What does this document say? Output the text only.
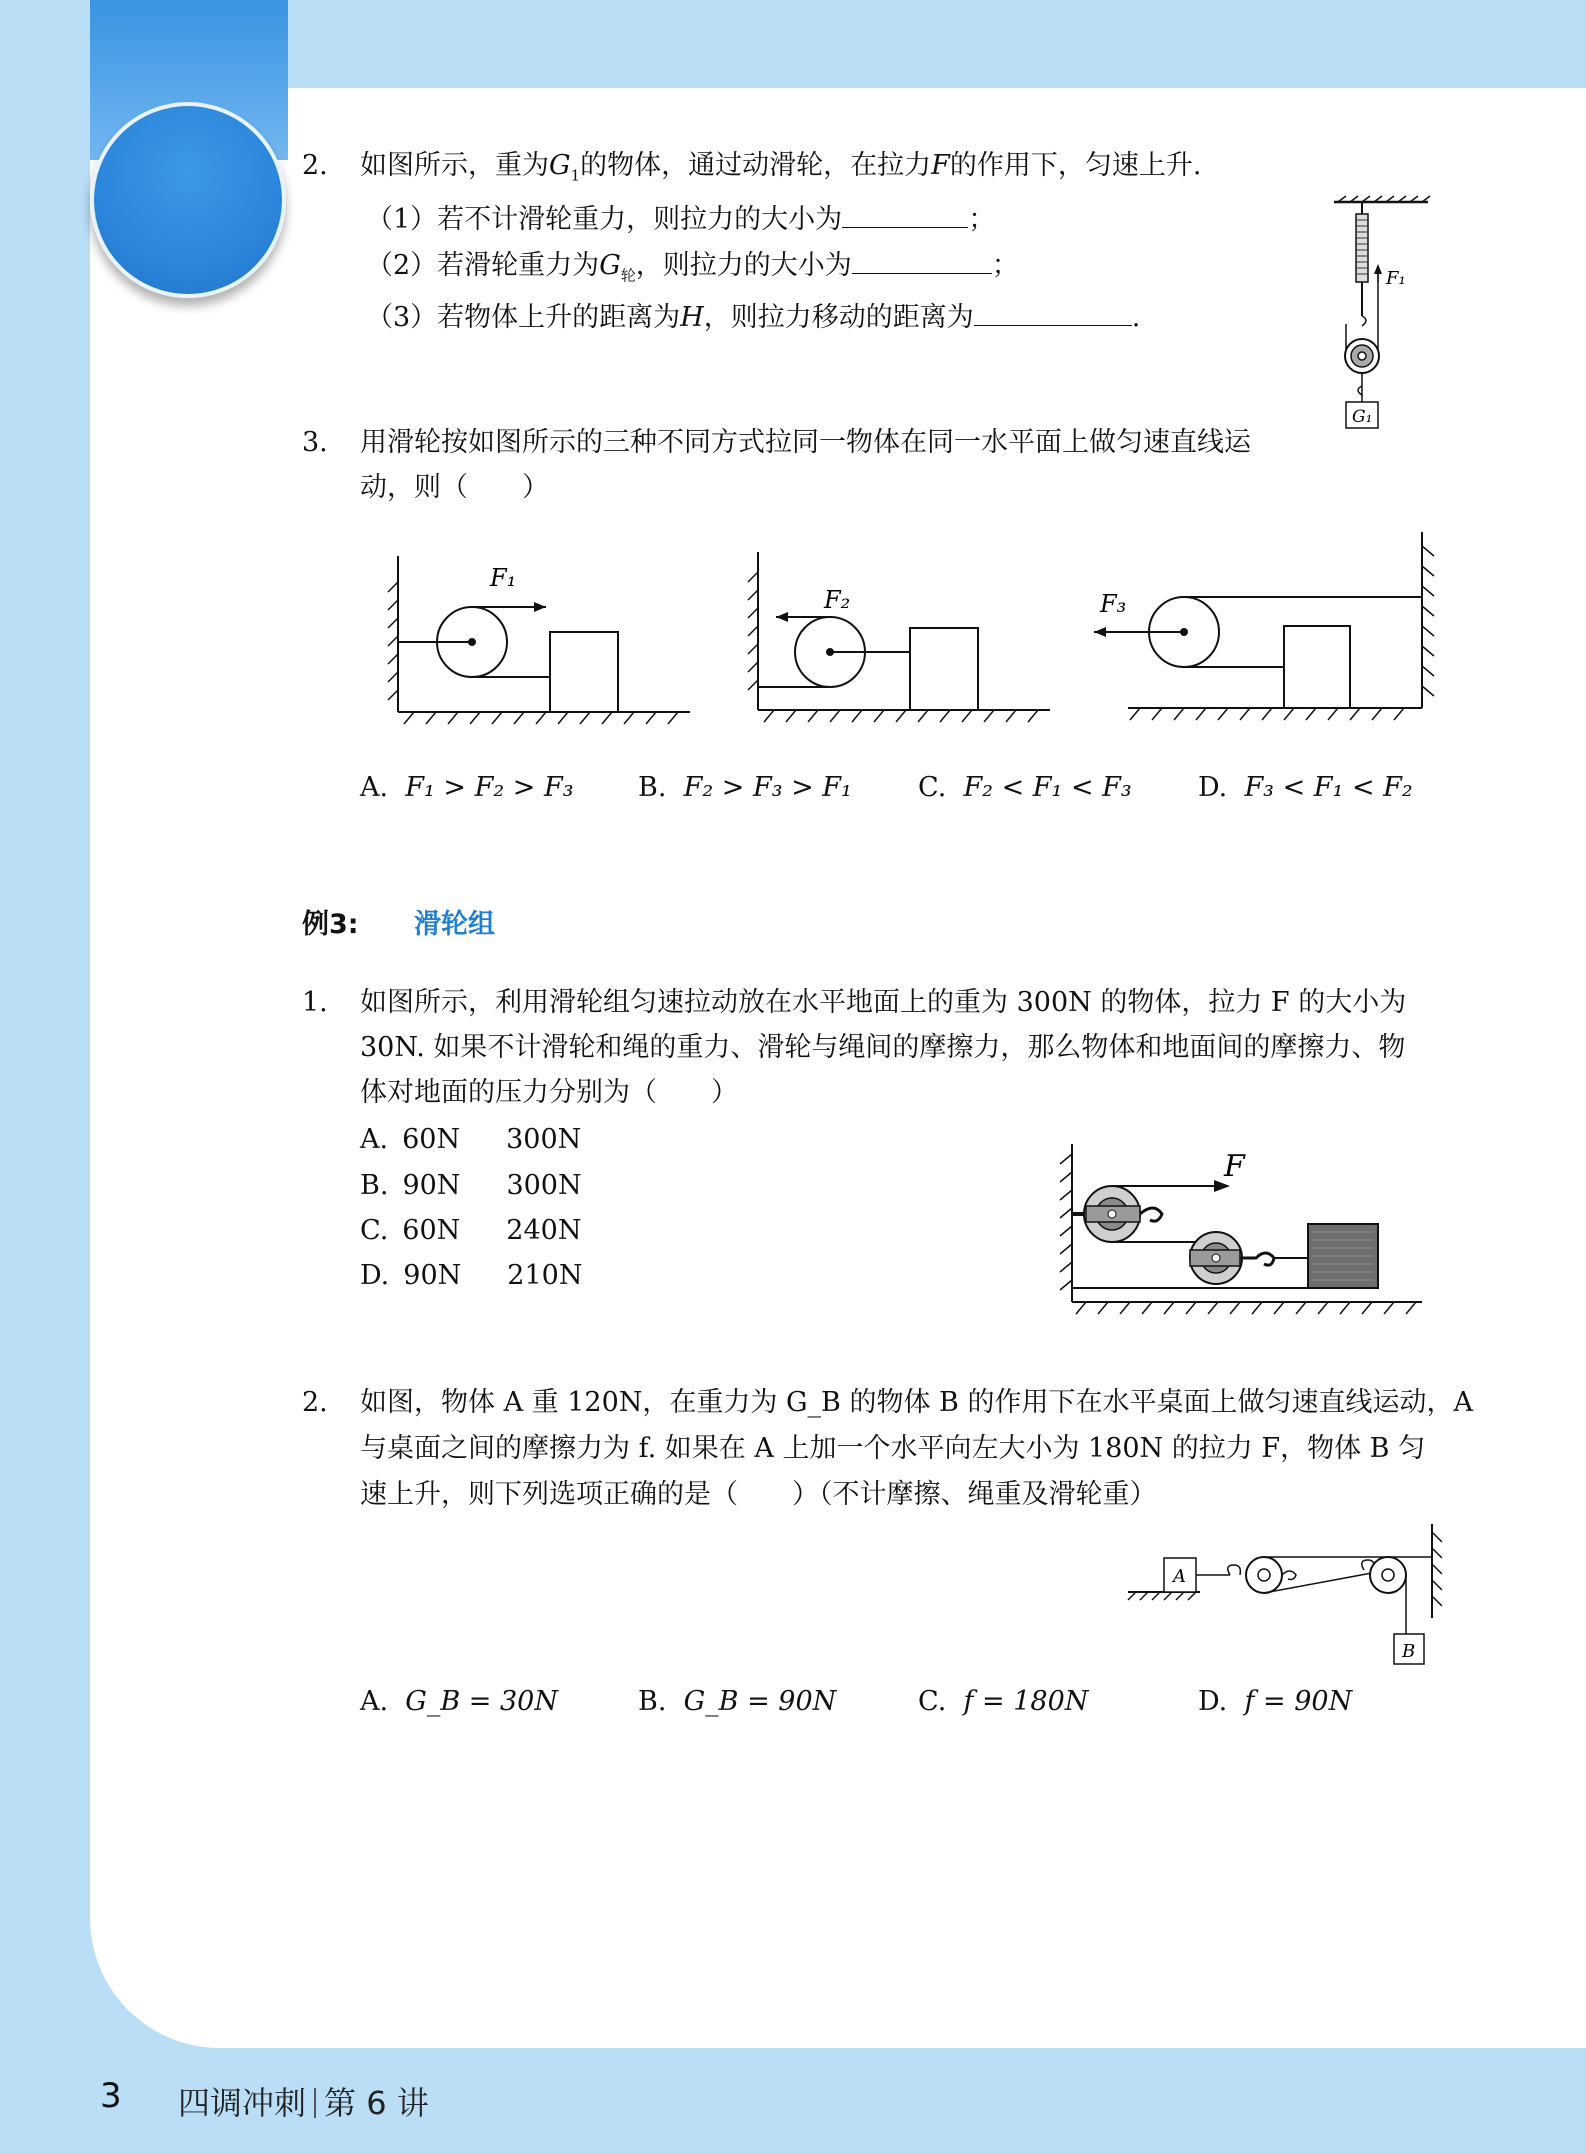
2. 如图所示，重为$G_1$的物体，通过动滑轮，在拉力F的作用下，匀速上升.
（1）若不计滑轮重力，则拉力的大小为	；
（2）若滑轮重力为$G_轮$，则拉力的大小为	；
（3）若物体上升的距离为H，则拉力移动的距离为	.
F₁
G₁
3. 用滑轮按如图所示的三种不同方式拉同一物体在同一水平面上做匀速直线运
动，则（　　）
F₁
F₂	F₃
A. F₁ > F₂ > F₃ B. F₂ > F₃ > F₁ C. F₂ < F₁ < F₃ D. F₃ < F₁ < F₂
例3: 滑轮组
1. 如图所示，利用滑轮组匀速拉动放在水平地面上的重为 300N 的物体，拉力 F 的大小为
30N. 如果不计滑轮和绳的重力、滑轮与绳间的摩擦力，那么物体和地面间的摩擦力、物
体对地面的压力分别为（　　）
A. 60N 300N
B. 90N 300N
C. 60N 240N
D. 90N 210N
F
2. 如图，物体 A 重 120N，在重力为 G_B 的物体 B 的作用下在水平桌面上做匀速直线运动，A
与桌面之间的摩擦力为 f. 如果在 A 上加一个水平向左大小为 180N 的拉力 F，物体 B 匀
速上升，则下列选项正确的是（　　）（不计摩擦、绳重及滑轮重）
A
B
A. G_B = 30N	B. G_B = 90N	C. f = 180N	D. f = 90N
3 四调冲刺 第 6 讲
